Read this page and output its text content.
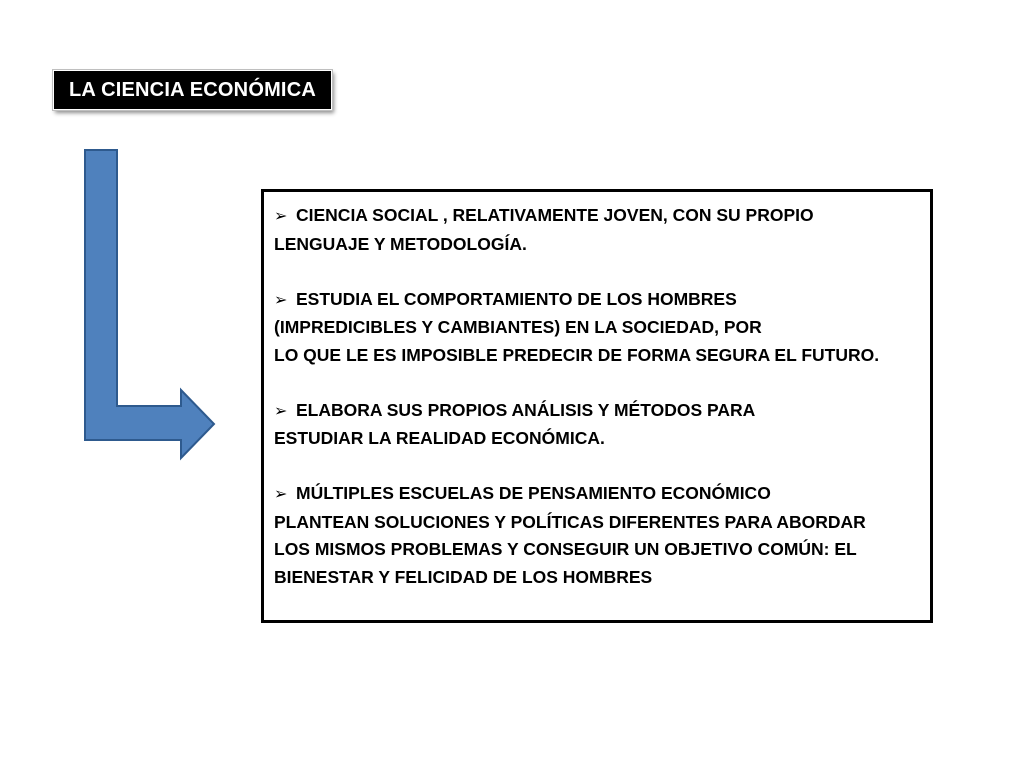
LA CIENCIA ECONÓMICA
➢ CIENCIA SOCIAL , RELATIVAMENTE JOVEN, CON SU PROPIO
LENGUAJE Y METODOLOGÍA.
➢ ESTUDIA EL COMPORTAMIENTO DE LOS HOMBRES
(IMPREDICIBLES Y CAMBIANTES) EN LA SOCIEDAD, POR
LO QUE LE ES IMPOSIBLE PREDECIR DE FORMA SEGURA EL FUTURO.
➢ ELABORA SUS PROPIOS ANÁLISIS Y MÉTODOS PARA
ESTUDIAR LA REALIDAD ECONÓMICA.
➢ MÚLTIPLES ESCUELAS DE PENSAMIENTO ECONÓMICO
PLANTEAN SOLUCIONES Y POLÍTICAS DIFERENTES PARA ABORDAR
LOS MISMOS PROBLEMAS Y CONSEGUIR UN OBJETIVO COMÚN: EL
BIENESTAR Y FELICIDAD DE LOS HOMBRES
